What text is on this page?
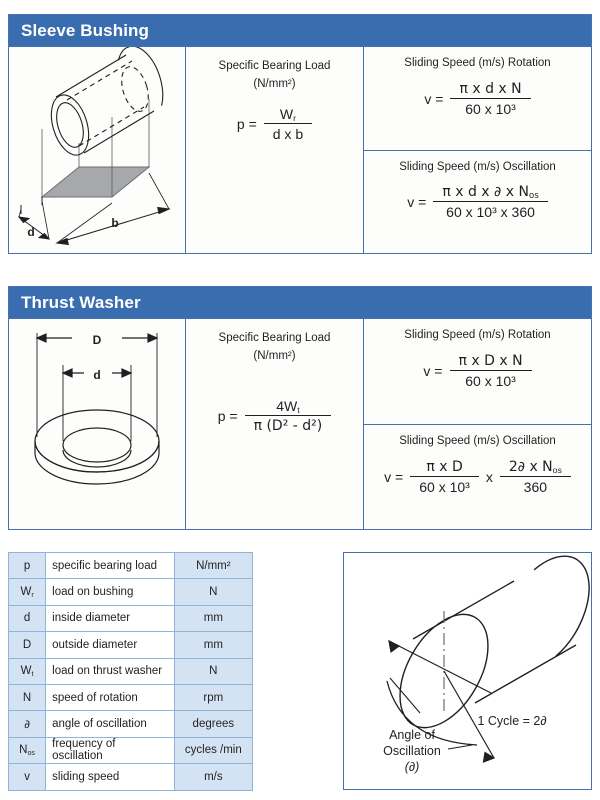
Sleeve Bushing
d
b
Specific Bearing Load
(N/mm²)
$p = \frac{W_r}{\text{d x b}}$
Sliding Speed (m/s) Rotation
$v = \frac{\text{π x d x N}}{\text{60 x 10³}}$
Sliding Speed (m/s) Oscillation
$v = \frac{\pi x d x \partial x N_{os}}{\text{60 x 10³ x 360}}$
Thrust Washer
D
d
Specific Bearing Load
(N/mm²)
$p = \frac{4W_t}{\text{π (D² - d²)}}$
Sliding Speed (m/s) Rotation
$v = \frac{\text{π x D x N}}{\text{60 x 10³}}$
Sliding Speed (m/s) Oscillation
$v = \frac{\text{π x D}}{\text{60 x 10³}}$ x $\frac{2\partial x N_{os}}{360}$
p	specific bearing load	N/mm²
$W_r$	load on bushing	N
d	inside diameter	mm
D	outside diameter	mm
$W_t$	load on thrust washer	N
N	speed of rotation	rpm
∂	angle of oscillation	degrees
$N_{os}$	frequency of oscillation	cycles /min
v	sliding speed	m/s
Angle of
Oscillation
(∂)
1 Cycle = 2∂
